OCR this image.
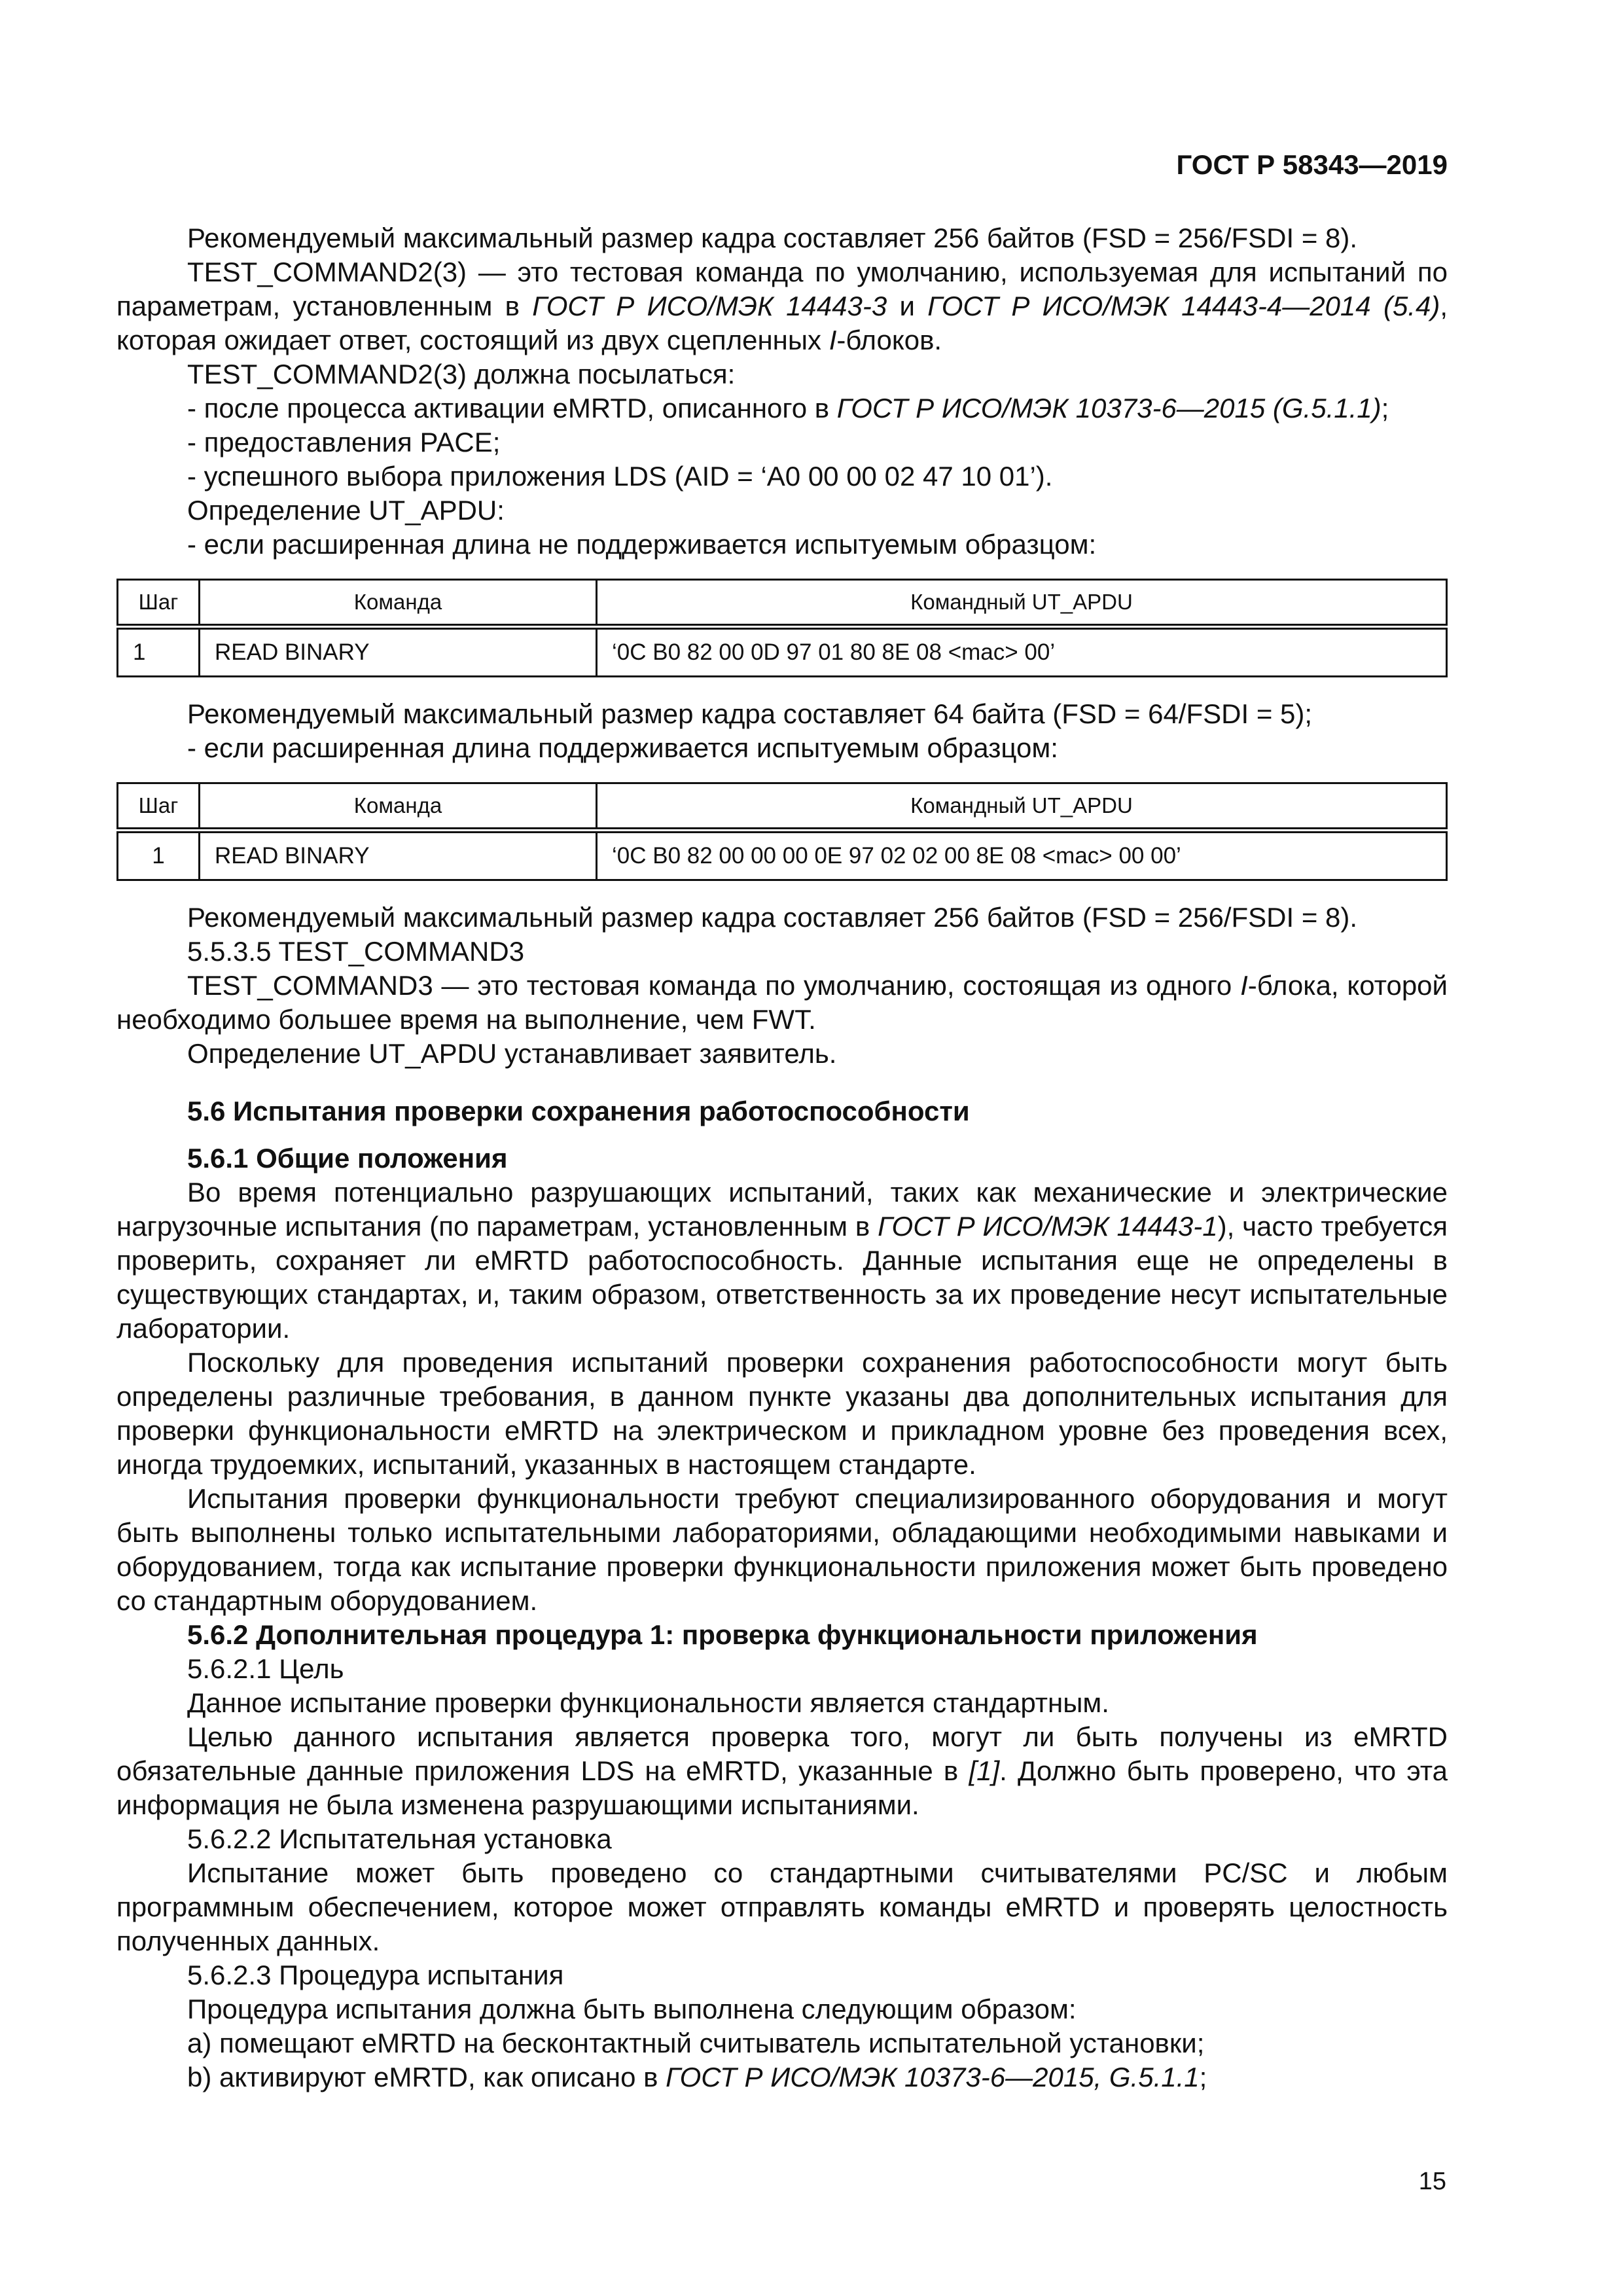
ГОСТ Р 58343—2019

Рекомендуемый максимальный размер кадра составляет 256 байтов (FSD = 256/FSDI = 8).

TEST_COMMAND2(3) — это тестовая команда по умолчанию, используемая для испытаний по параметрам, установленным в ГОСТ Р ИСО/МЭК 14443-3 и ГОСТ Р ИСО/МЭК 14443-4—2014 (5.4), которая ожидает ответ, состоящий из двух сцепленных I-блоков.

TEST_COMMAND2(3) должна посылаться:

- после процесса активации eMRTD, описанного в ГОСТ Р ИСО/МЭК 10373-6—2015 (G.5.1.1);

- предоставления PACE;

- успешного выбора приложения LDS (AID = ‘A0 00 00 02 47 10 01’).

Определение UT_APDU:

- если расширенная длина не поддерживается испытуемым образцом:

Шаг	Команда	Командный UT_APDU
1	READ BINARY	‘0C B0 82 00 0D 97 01 80 8E 08 <mac> 00’

Рекомендуемый максимальный размер кадра составляет 64 байта (FSD = 64/FSDI = 5);

- если расширенная длина поддерживается испытуемым образцом:

Шаг	Команда	Командный UT_APDU
1	READ BINARY	‘0C B0 82 00 00 00 0E 97 02 02 00 8E 08 <mac> 00 00’

Рекомендуемый максимальный размер кадра составляет 256 байтов (FSD = 256/FSDI = 8).

5.5.3.5 TEST_COMMAND3

TEST_COMMAND3 — это тестовая команда по умолчанию, состоящая из одного I-блока, которой необходимо большее время на выполнение, чем FWT.

Определение UT_APDU устанавливает заявитель.

5.6 Испытания проверки сохранения работоспособности

5.6.1 Общие положения

Во время потенциально разрушающих испытаний, таких как механические и электрические нагрузочные испытания (по параметрам, установленным в ГОСТ Р ИСО/МЭК 14443-1), часто требуется проверить, сохраняет ли eMRTD работоспособность. Данные испытания еще не определены в существующих стандартах, и, таким образом, ответственность за их проведение несут испытательные лаборатории.

Поскольку для проведения испытаний проверки сохранения работоспособности могут быть определены различные требования, в данном пункте указаны два дополнительных испытания для проверки функциональности eMRTD на электрическом и прикладном уровне без проведения всех, иногда трудоемких, испытаний, указанных в настоящем стандарте.

Испытания проверки функциональности требуют специализированного оборудования и могут быть выполнены только испытательными лабораториями, обладающими необходимыми навыками и оборудованием, тогда как испытание проверки функциональности приложения может быть проведено со стандартным оборудованием.

5.6.2 Дополнительная процедура 1: проверка функциональности приложения

5.6.2.1 Цель

Данное испытание проверки функциональности является стандартным.

Целью данного испытания является проверка того, могут ли быть получены из eMRTD обязательные данные приложения LDS на eMRTD, указанные в [1]. Должно быть проверено, что эта информация не была изменена разрушающими испытаниями.

5.6.2.2 Испытательная установка

Испытание может быть проведено со стандартными считывателями PC/SC и любым программным обеспечением, которое может отправлять команды eMRTD и проверять целостность полученных данных.

5.6.2.3 Процедура испытания

Процедура испытания должна быть выполнена следующим образом:

a) помещают eMRTD на бесконтактный считыватель испытательной установки;

b) активируют eMRTD, как описано в ГОСТ Р ИСО/МЭК 10373-6—2015, G.5.1.1;

15
